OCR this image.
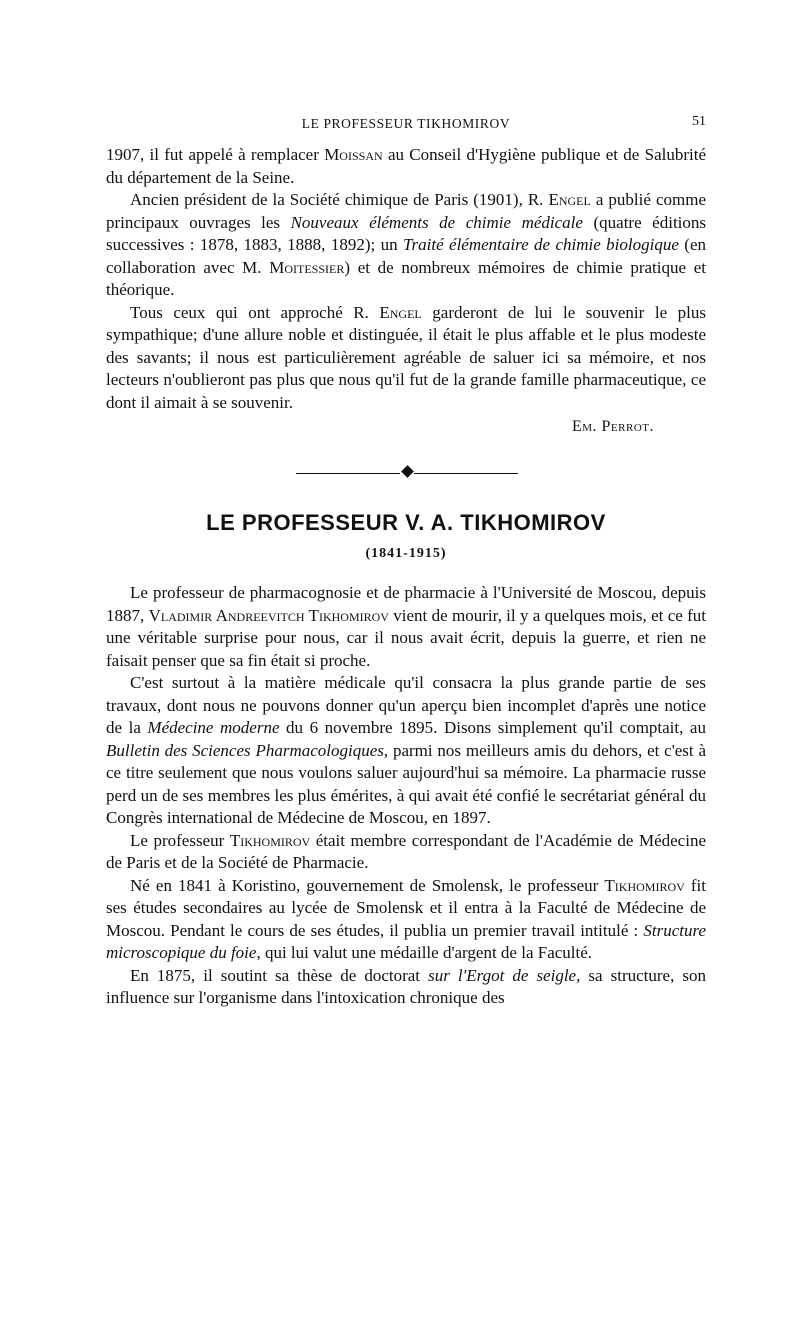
LE PROFESSEUR TIKHOMIROV	51

1907, il fut appelé à remplacer Moissan au Conseil d'Hygiène publique et de Salubrité du département de la Seine.

Ancien président de la Société chimique de Paris (1901), R. Engel a publié comme principaux ouvrages les Nouveaux éléments de chimie médicale (quatre éditions successives : 1878, 1883, 1888, 1892); un Traité élémentaire de chimie biologique (en collaboration avec M. Moitessier) et de nombreux mémoires de chimie pratique et théorique.

Tous ceux qui ont approché R. Engel garderont de lui le souvenir le plus sympathique; d'une allure noble et distinguée, il était le plus affable et le plus modeste des savants; il nous est particulièrement agréable de saluer ici sa mémoire, et nos lecteurs n'oublieront pas plus que nous qu'il fut de la grande famille pharmaceutique, ce dont il aimait à se souvenir.

Em. Perrot.
LE PROFESSEUR V. A. TIKHOMIROV
(1841-1915)

Le professeur de pharmacognosie et de pharmacie à l'Université de Moscou, depuis 1887, Vladimir Andreevitch Tikhomirov vient de mourir, il y a quelques mois, et ce fut une véritable surprise pour nous, car il nous avait écrit, depuis la guerre, et rien ne faisait penser que sa fin était si proche.

C'est surtout à la matière médicale qu'il consacra la plus grande partie de ses travaux, dont nous ne pouvons donner qu'un aperçu bien incomplet d'après une notice de la Médecine moderne du 6 novembre 1895. Disons simplement qu'il comptait, au Bulletin des Sciences Pharmacologiques, parmi nos meilleurs amis du dehors, et c'est à ce titre seulement que nous voulons saluer aujourd'hui sa mémoire. La pharmacie russe perd un de ses membres les plus émérites, à qui avait été confié le secrétariat général du Congrès international de Médecine de Moscou, en 1897.

Le professeur Tikhomirov était membre correspondant de l'Académie de Médecine de Paris et de la Société de Pharmacie.

Né en 1841 à Koristino, gouvernement de Smolensk, le professeur Tikhomirov fit ses études secondaires au lycée de Smolensk et il entra à la Faculté de Médecine de Moscou. Pendant le cours de ses études, il publia un premier travail intitulé : Structure microscopique du foie, qui lui valut une médaille d'argent de la Faculté.

En 1875, il soutint sa thèse de doctorat sur l'Ergot de seigle, sa structure, son influence sur l'organisme dans l'intoxication chronique des
